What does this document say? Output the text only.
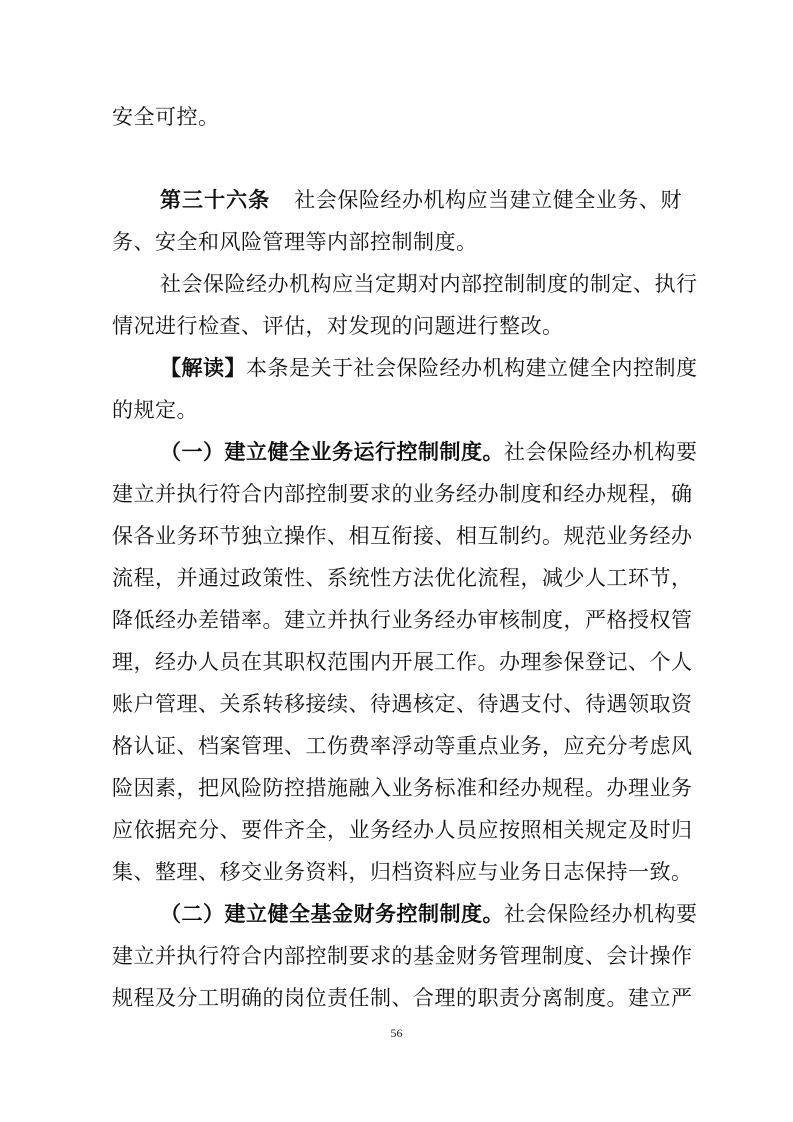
安全可控。
第三十六条 社会保险经办机构应当建立健全业务、财
务、安全和风险管理等内部控制制度。
社会保险经办机构应当定期对内部控制制度的制定、执行
情况进行检查、评估，对发现的问题进行整改。
【解读】本条是关于社会保险经办机构建立健全内控制度
的规定。
（一）建立健全业务运行控制制度。社会保险经办机构要
建立并执行符合内部控制要求的业务经办制度和经办规程，确
保各业务环节独立操作、相互衔接、相互制约。规范业务经办
流程，并通过政策性、系统性方法优化流程，减少人工环节，
降低经办差错率。建立并执行业务经办审核制度，严格授权管
理，经办人员在其职权范围内开展工作。办理参保登记、个人
账户管理、关系转移接续、待遇核定、待遇支付、待遇领取资
格认证、档案管理、工伤费率浮动等重点业务，应充分考虑风
险因素，把风险防控措施融入业务标准和经办规程。办理业务
应依据充分、要件齐全，业务经办人员应按照相关规定及时归
集、整理、移交业务资料，归档资料应与业务日志保持一致。
（二）建立健全基金财务控制制度。社会保险经办机构要
建立并执行符合内部控制要求的基金财务管理制度、会计操作
规程及分工明确的岗位责任制、合理的职责分离制度。建立严
56
